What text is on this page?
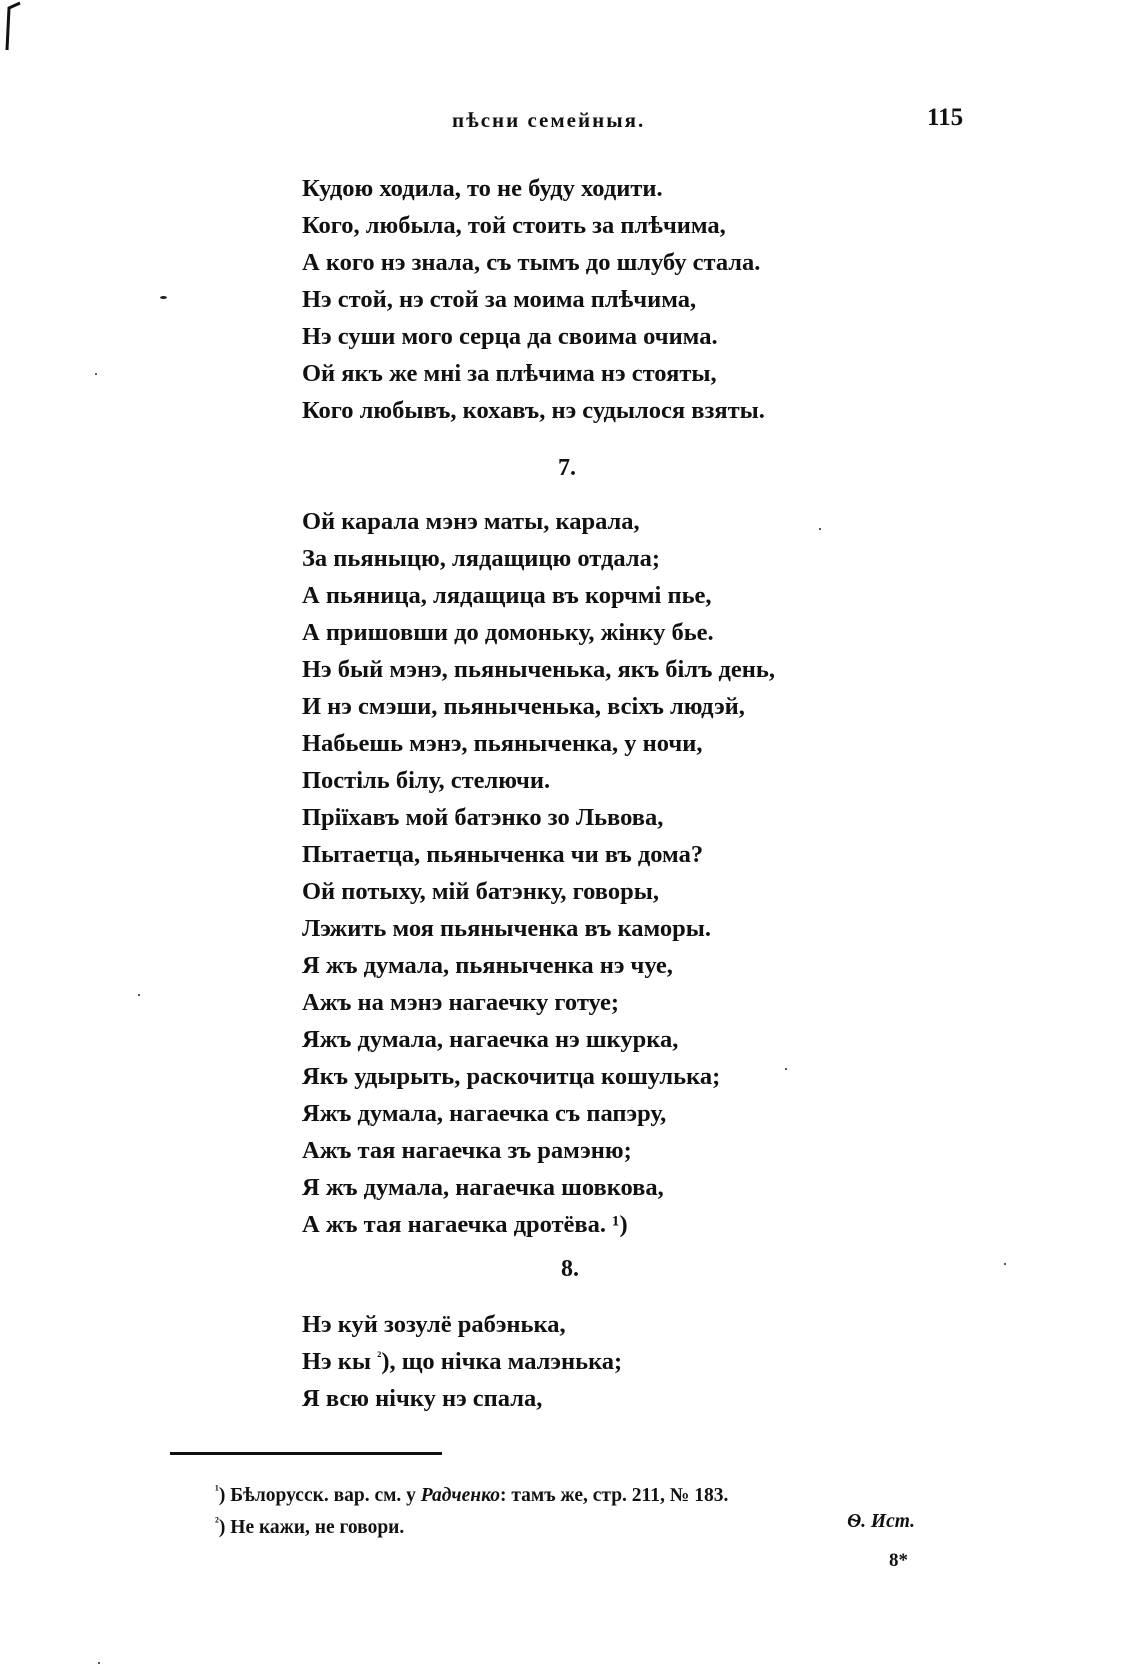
пѣсни семейныя.	115
Кудою ходила, то не буду ходити.
Кого, любыла, той стоить за плѣчима,
А кого нэ знала, съ тымъ до шлубу стала.
Нэ стой, нэ стой за моима плѣчима,
Нэ суши мого серца да своима очима.
Ой якъ же мні за плѣчима нэ стояты,
Кого любывъ, кохавъ, нэ судылося взяты.
7.
Ой карала мэнэ маты, карала,
За пьяныцю, лядащицю отдала;
А пьяница, лядащица въ корчмі пье,
А пришовши до домоньку, жінку бье.
Нэ бый мэнэ, пьяныченька, якъ білъ день,
И нэ смэши, пьяныченька, всіхъ людэй,
Набьешь мэнэ, пьяныченка, у ночи,
Постіль білу, стелючи.
Пріїхавъ мой батэнко зо Львова,
Пытаетца, пьяныченка чи въ дома?
Ой потыху, мій батэнку, говоры,
Лэжить моя пьяныченка въ каморы.
Я жъ думала, пьяныченка нэ чуе,
Ажъ на мэнэ нагаечку готуе;
Яжъ думала, нагаечка нэ шкурка,
Якъ удырыть, раскочитца кошулька;
Яжъ думала, нагаечка съ папэру,
Ажъ тая нагаечка зъ рамэню;
Я жъ думала, нагаечка шовкова,
А жъ тая нагаечка дротёва. ¹)
8.
Нэ куй зозулё рабэнька,
Нэ кы $^{^2}$), що нічка малэнька;
Я всю нічку нэ спала,
$^{^1}$) Бѣлорусск. вар. см. у Радченко: тамъ же, стр. 211, № 183.
$^{^2}$) Не кажи, не говори.	Ѳ. Ист.
8*
